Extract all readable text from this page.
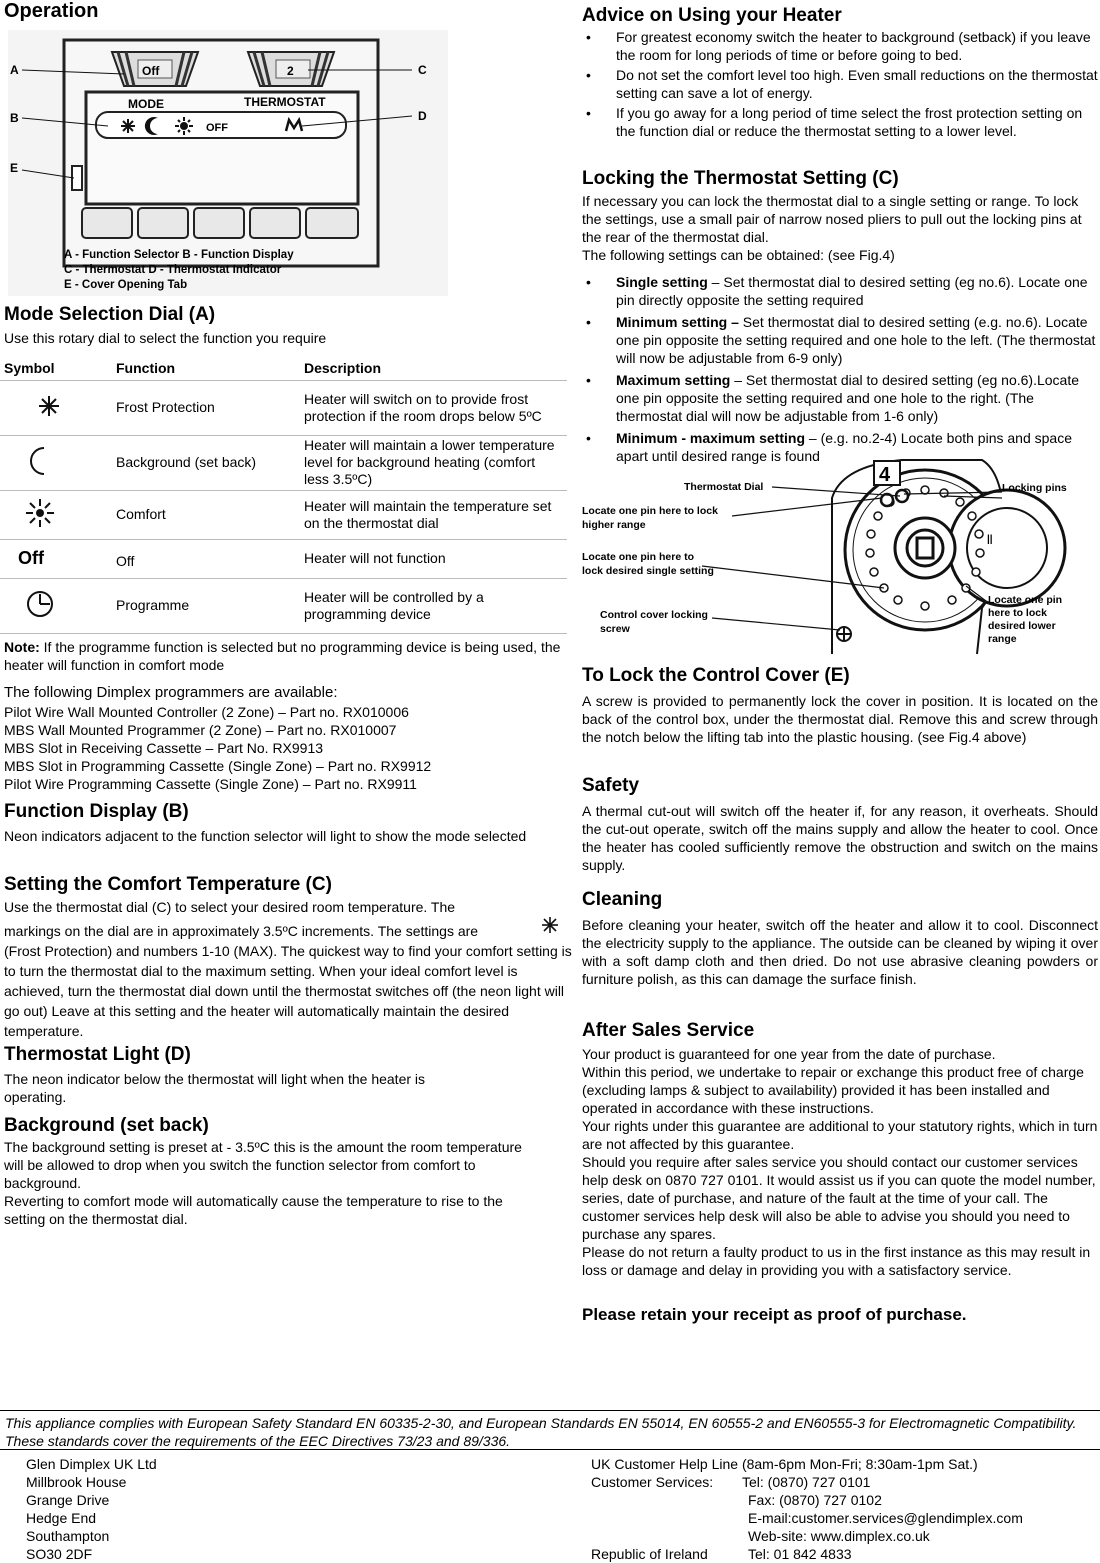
Operation
Off	2
MODE	THERMOSTAT
OFF
A
B
C
D
E
A - Function Selector B - Function Display
C - Thermostat D - Thermostat Indicator
E - Cover Opening Tab
Mode Selection Dial (A)

Use this rotary dial to select the function you require

Symbol	Function	Description
	Frost Protection	Heater will switch on to provide frost protection if the room drops below 5ºC
	Background (set back)	Heater will maintain a lower temperature level for background heating (comfort less 3.5ºC)
	Comfort	Heater will maintain the temperature set on the thermostat dial
Off	Off	Heater will not function
	Programme	Heater will be controlled by a programming device

Note: If the programme function is selected but no programming device is being used, the heater will function in comfort mode

The following Dimplex programmers are available:

Pilot Wire Wall Mounted Controller (2 Zone) – Part no. RX010006
MBS Wall Mounted Programmer (2 Zone) – Part no. RX010007
MBS Slot in Receiving Cassette – Part No. RX9913
MBS Slot in Programming Cassette (Single Zone) – Part no. RX9912
Pilot Wire Programming Cassette (Single Zone) – Part no. RX9911
Function Display (B)

Neon indicators adjacent to the function selector will light to show the mode selected

Setting the Comfort Temperature (C)

Use the thermostat dial (C) to select your desired room temperature. The

markings on the dial are in approximately 3.5ºC increments. The settings are

(Frost Protection) and numbers 1-10 (MAX). The quickest way to find your comfort setting is to turn the thermostat dial to the maximum setting. When your ideal comfort level is achieved, turn the thermostat dial down until the thermostat switches off (the neon light will go out) Leave at this setting and the heater will automatically maintain the desired temperature.

Thermostat Light (D)

The neon indicator below the thermostat will light when the heater is operating.

Background (set back)

The background setting is preset at - 3.5ºC this is the amount the room temperature will be allowed to drop when you switch the function selector from comfort to background.

Reverting to comfort mode will automatically cause the temperature to rise to the setting on the thermostat dial.

Advice on Using your Heater
• For greatest economy switch the heater to background (setback) if you leave the room for long periods of time or before going to bed.
• Do not set the comfort level too high. Even small reductions on the thermostat setting can save a lot of energy.
• If you go away for a long period of time select the frost protection setting on the function dial or reduce the thermostat setting to a lower level.
Locking the Thermostat Setting (C)

If necessary you can lock the thermostat dial to a single setting or range. To lock the settings, use a small pair of narrow nosed pliers to pull out the locking pins at the rear of the thermostat dial.

The following settings can be obtained: (see Fig.4)

• Single setting – Set thermostat dial to desired setting (eg no.6). Locate one pin directly opposite the setting required
• Minimum setting – Set thermostat dial to desired setting (e.g. no.6). Locate one pin opposite the setting required and one hole to the left. (The thermostat will now be adjustable from 6-9 only)
• Maximum setting – Set thermostat dial to desired setting (eg no.6).Locate one pin opposite the setting required and one hole to the right. (The thermostat dial will now be adjustable from 1-6 only)
• Minimum - maximum setting – (e.g. no.2-4) Locate both pins and space apart until desired range is found
||
4
Thermostat Dial	Locking pins
Locate one pin here to lock higher range
Locate one pin here to lock desired single setting
Control cover locking screw
Locate one pin here to lock desired lower range
To Lock the Control Cover (E)

A screw is provided to permanently lock the cover in position. It is located on the back of the control box, under the thermostat dial. Remove this and screw through the notch below the lifting tab into the plastic housing. (see Fig.4 above)

Safety

A thermal cut-out will switch off the heater if, for any reason, it overheats. Should the cut-out operate, switch off the mains supply and allow the heater to cool. Once the heater has cooled sufficiently remove the obstruction and switch on the mains supply.

Cleaning

Before cleaning your heater, switch off the heater and allow it to cool. Disconnect the electricity supply to the appliance. The outside can be cleaned by wiping it over with a soft damp cloth and then dried. Do not use abrasive cleaning powders or furniture polish, as this can damage the surface finish.

After Sales Service

Your product is guaranteed for one year from the date of purchase.

Within this period, we undertake to repair or exchange this product free of charge (excluding lamps & subject to availability) provided it has been installed and operated in accordance with these instructions.

Your rights under this guarantee are additional to your statutory rights, which in turn are not affected by this guarantee.

Should you require after sales service you should contact our customer services help desk on 0870 727 0101. It would assist us if you can quote the model number, series, date of purchase, and nature of the fault at the time of your call. The customer services help desk will also be able to advise you should you need to purchase any spares.

Please do not return a faulty product to us in the first instance as this may result in loss or damage and delay in providing you with a satisfactory service.

Please retain your receipt as proof of purchase.

This appliance complies with European Safety Standard EN 60335-2-30, and European Standards EN 55014, EN 60555-2 and EN60555-3 for Electromagnetic Compatibility. These standards cover the requirements of the EEC Directives 73/23 and 89/336.
Glen Dimplex UK Ltd
Millbrook House
Grange Drive
Hedge End
Southampton
SO30 2DF
UK Customer Help Line (8am-6pm Mon-Fri; 8:30am-1pm Sat.)
Customer Services:	Tel: (0870) 727 0101
Fax: (0870) 727 0102
E-mail:customer.services@glendimplex.com
Web-site: www.dimplex.co.uk
Republic of Ireland	Tel: 01 842 4833
